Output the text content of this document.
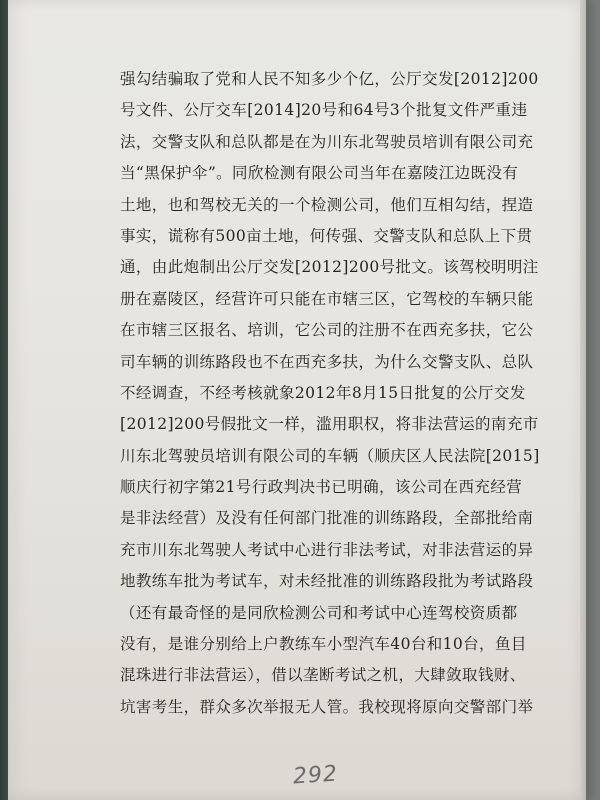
强勾结骗取了党和人民不知多少个亿，公厅交发[2012]200
号文件、公厅交车[2014]20号和64号3个批复文件严重违
法，交警支队和总队都是在为川东北驾驶员培训有限公司充
当“黑保护伞”。同欣检测有限公司当年在嘉陵江边既没有
土地，也和驾校无关的一个检测公司，他们互相勾结，捏造
事实，谎称有500亩土地，何传强、交警支队和总队上下贯
通，由此炮制出公厅交发[2012]200号批文。该驾校明明注
册在嘉陵区，经营许可只能在市辖三区，它驾校的车辆只能
在市辖三区报名、培训，它公司的注册不在西充多扶，它公
司车辆的训练路段也不在西充多扶，为什么交警支队、总队
不经调查，不经考核就象2012年8月15日批复的公厅交发
[2012]200号假批文一样，滥用职权，将非法营运的南充市
川东北驾驶员培训有限公司的车辆（顺庆区人民法院[2015]
顺庆行初字第21号行政判决书已明确，该公司在西充经营
是非法经营）及没有任何部门批准的训练路段，全部批给南
充市川东北驾驶人考试中心进行非法考试，对非法营运的异
地教练车批为考试车，对未经批准的训练路段批为考试路段
（还有最奇怪的是同欣检测公司和考试中心连驾校资质都
没有，是谁分别给上户教练车小型汽车40台和10台，鱼目
混珠进行非法营运），借以垄断考试之机，大肆敛取钱财、
坑害考生，群众多次举报无人管。我校现将原向交警部门举
292
